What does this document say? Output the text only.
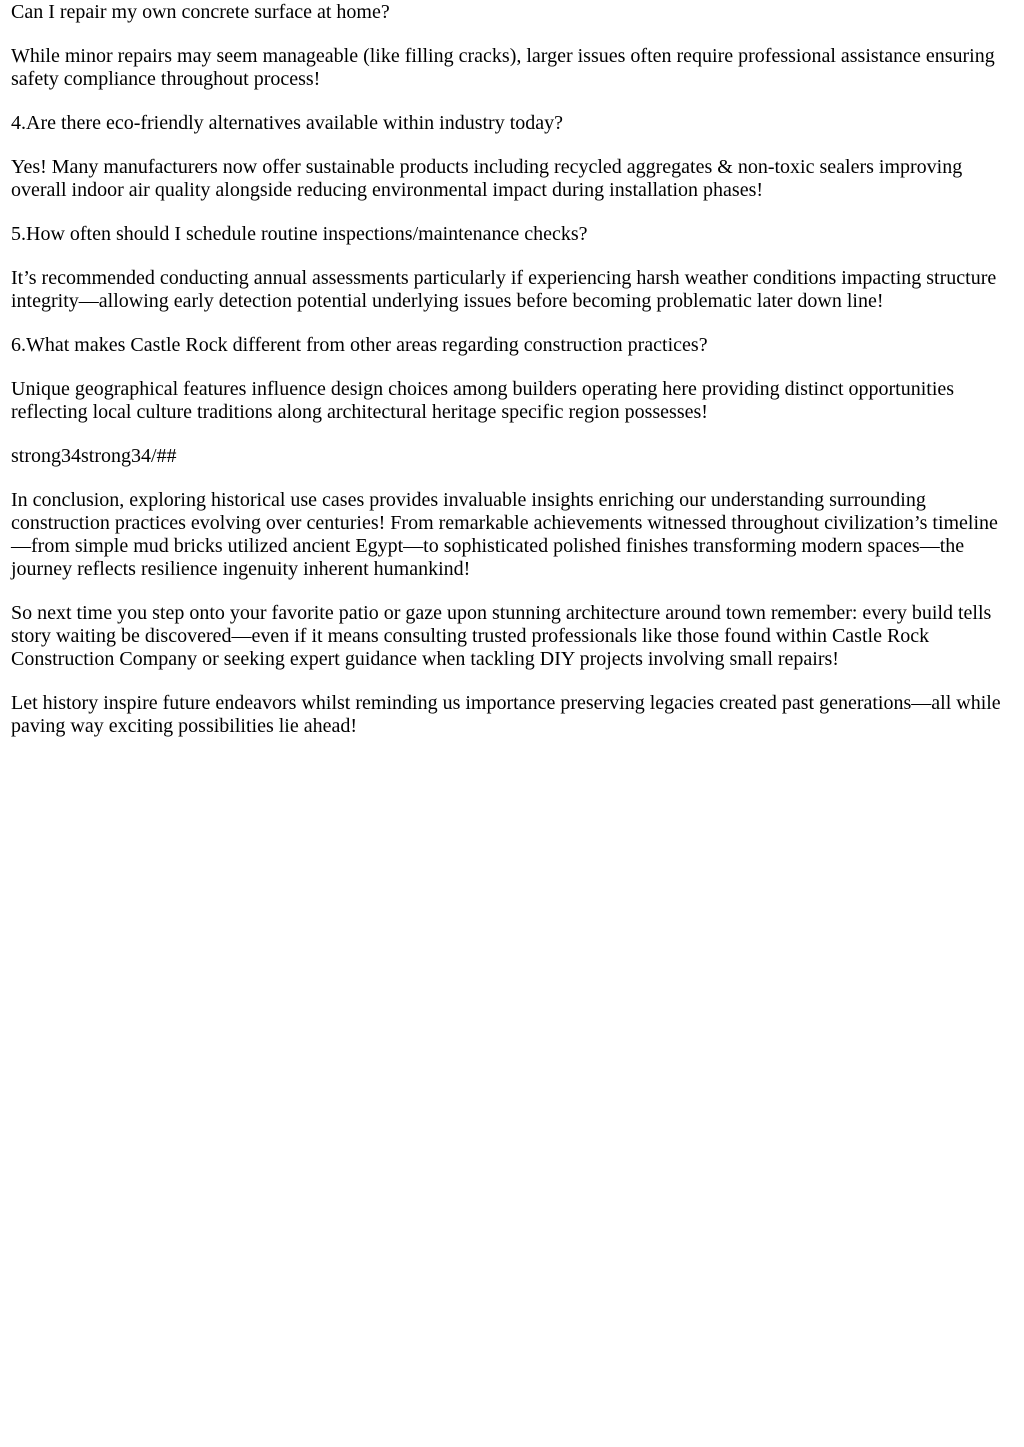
Can I repair my own concrete surface at home?

While minor repairs may seem manageable (like filling cracks), larger issues often require professional assistance ensuring safety compliance throughout process!

4.Are there eco-friendly alternatives available within industry today?

Yes! Many manufacturers now offer sustainable products including recycled aggregates & non-toxic sealers improving overall indoor air quality alongside reducing environmental impact during installation phases!

5.How often should I schedule routine inspections/maintenance checks?

It’s recommended conducting annual assessments particularly if experiencing harsh weather conditions impacting structure integrity—allowing early detection potential underlying issues before becoming problematic later down line!

6.What makes Castle Rock different from other areas regarding construction practices?

Unique geographical features influence design choices among builders operating here providing distinct opportunities reflecting local culture traditions along architectural heritage specific region possesses!

strong34strong34/##

In conclusion, exploring historical use cases provides invaluable insights enriching our understanding surrounding construction practices evolving over centuries! From remarkable achievements witnessed throughout civilization’s timeline—from simple mud bricks utilized ancient Egypt—to sophisticated polished finishes transforming modern spaces—the journey reflects resilience ingenuity inherent humankind!

So next time you step onto your favorite patio or gaze upon stunning architecture around town remember: every build tells story waiting be discovered—even if it means consulting trusted professionals like those found within Castle Rock Construction Company or seeking expert guidance when tackling DIY projects involving small repairs!

Let history inspire future endeavors whilst reminding us importance preserving legacies created past generations—all while paving way exciting possibilities lie ahead!
